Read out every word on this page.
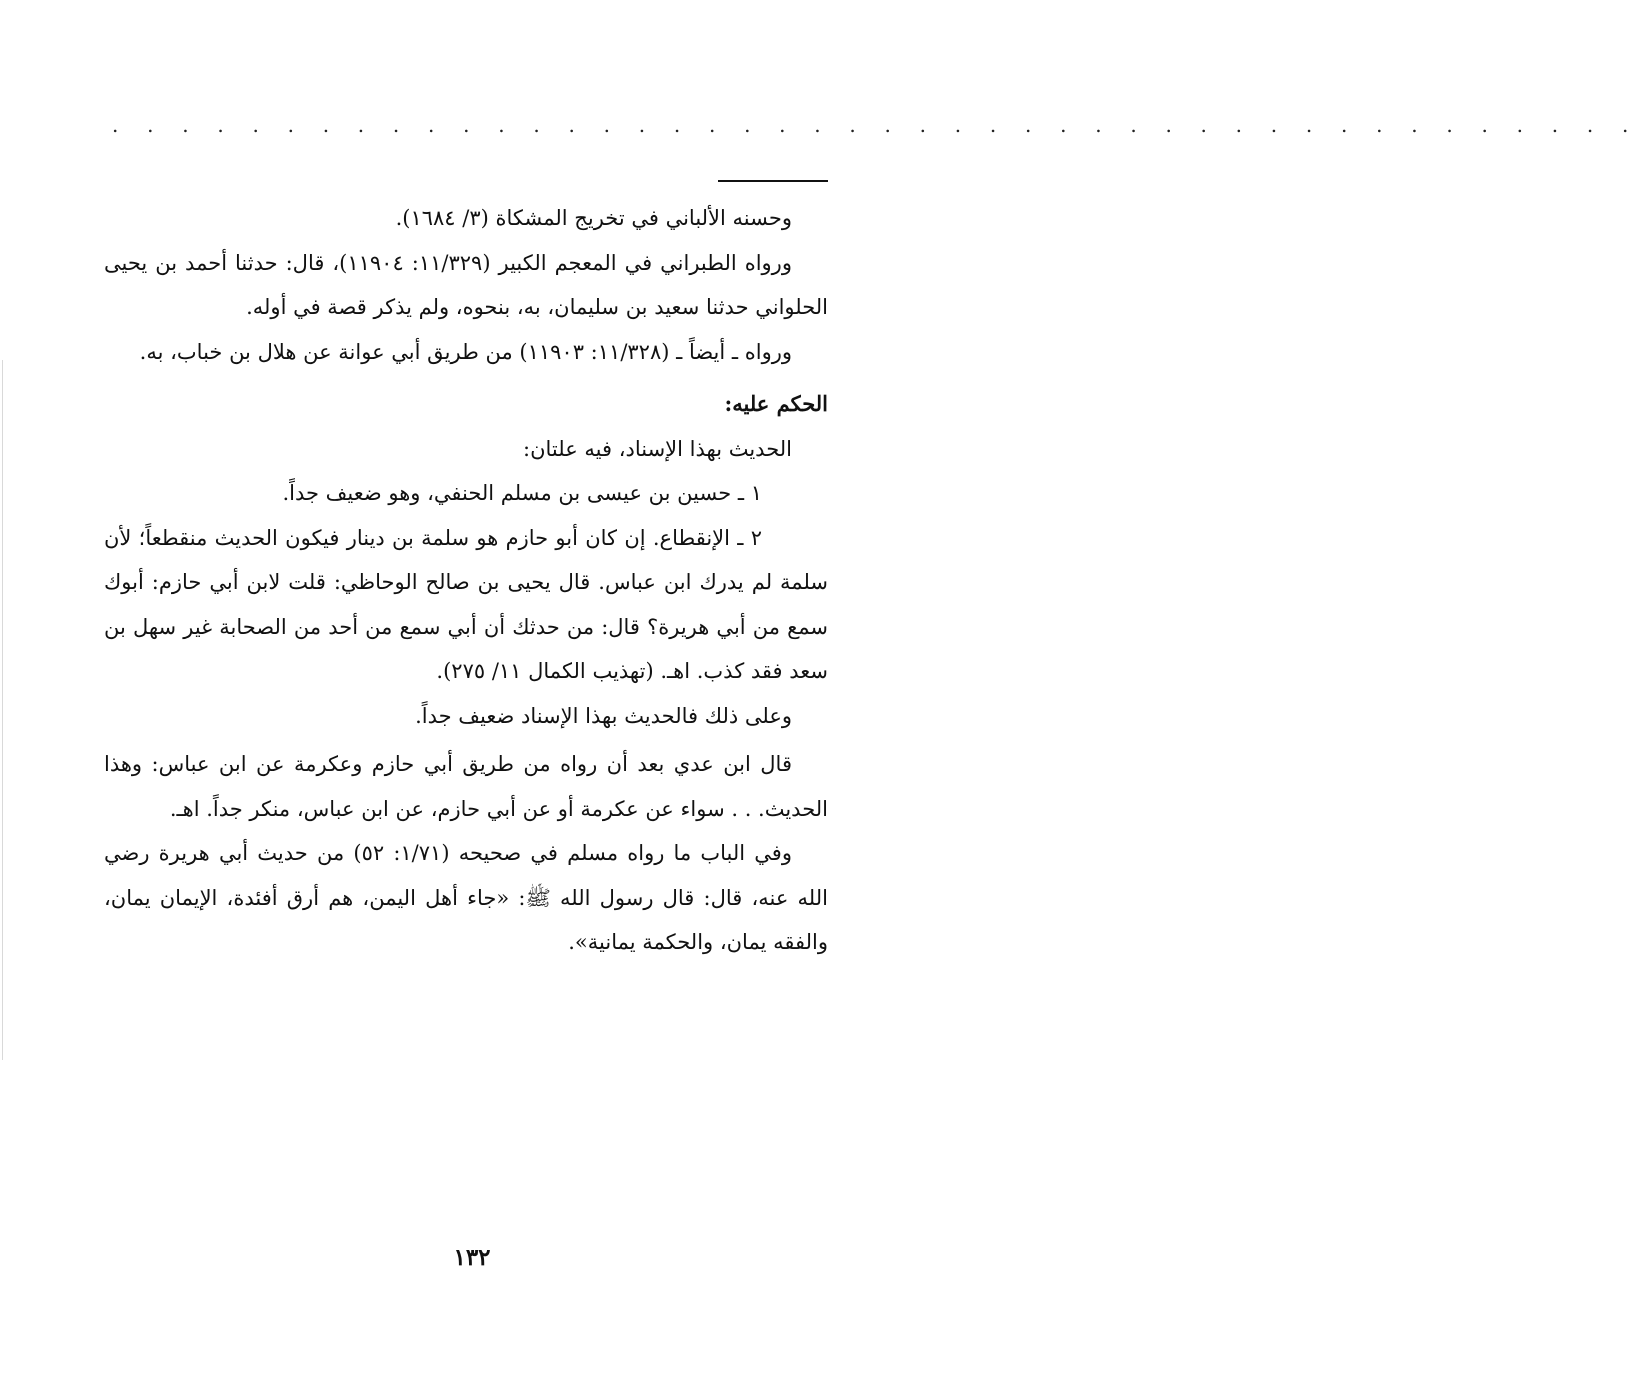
. . . . . . . . . . . . . . . . . . . . . . . . . . . . . . . . . . . . . . . . . . . .

وحسنه الألباني في تخريج المشكاة (٣/ ١٦٨٤).

ورواه الطبراني في المعجم الكبير (١١/٣٢٩: ١١٩٠٤)، قال: حدثنا أحمد بن يحيى الحلواني حدثنا سعيد بن سليمان، به، بنحوه، ولم يذكر قصة في أوله.

ورواه ـ أيضاً ـ (١١/٣٢٨: ١١٩٠٣) من طريق أبي عوانة عن هلال بن خباب، به.

الحكم عليه:

الحديث بهذا الإسناد، فيه علتان:

١ ـ حسين بن عيسى بن مسلم الحنفي، وهو ضعيف جداً.

٢ ـ الإنقطاع. إن كان أبو حازم هو سلمة بن دينار فيكون الحديث منقطعاً؛ لأن سلمة لم يدرك ابن عباس. قال يحيى بن صالح الوحاظي: قلت لابن أبي حازم: أبوك سمع من أبي هريرة؟ قال: من حدثك أن أبي سمع من أحد من الصحابة غير سهل بن سعد فقد كذب. اهـ. (تهذيب الكمال ١١/ ٢٧٥).

وعلى ذلك فالحديث بهذا الإسناد ضعيف جداً.

قال ابن عدي بعد أن رواه من طريق أبي حازم وعكرمة عن ابن عباس: وهذا الحديث. . . سواء عن عكرمة أو عن أبي حازم، عن ابن عباس، منكر جداً. اهـ.

وفي الباب ما رواه مسلم في صحيحه (١/٧١: ٥٢) من حديث أبي هريرة رضي الله عنه، قال: قال رسول الله ﷺ: «جاء أهل اليمن، هم أرق أفئدة، الإيمان يمان، والفقه يمان، والحكمة يمانية».

١٣٢
